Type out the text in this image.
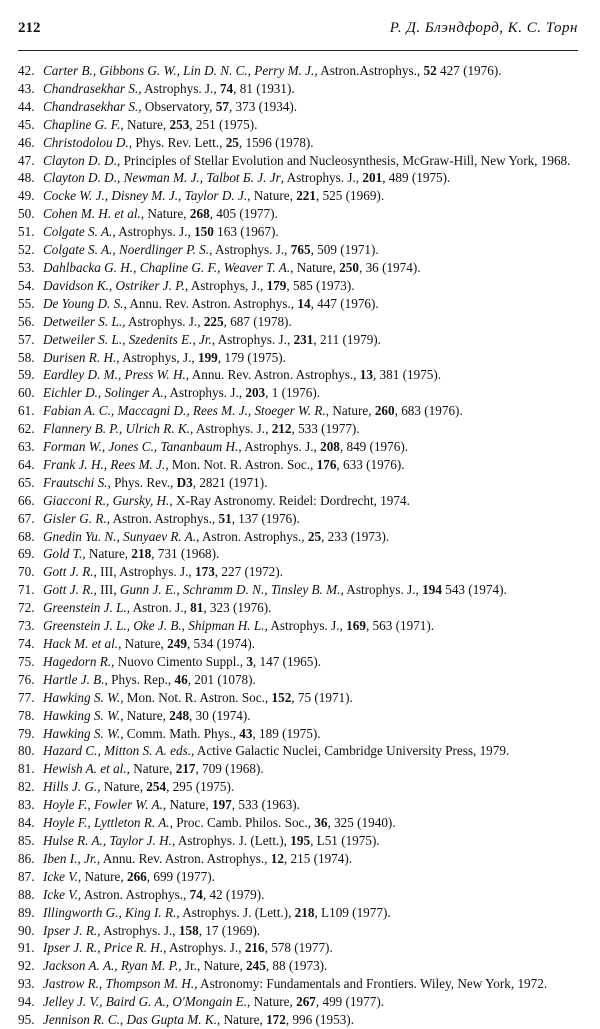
212	Р. Д. Блэндфорд, К. С. Торн
42. Carter B., Gibbons G. W., Lin D. N. C., Perry M. J., Astron.Astrophys., 52 427 (1976).
43. Chandrasekhar S., Astrophys. J., 74, 81 (1931).
44. Chandrasekhar S., Observatory, 57, 373 (1934).
45. Chapline G. F., Nature, 253, 251 (1975).
46. Christodolou D., Phys. Rev. Lett., 25, 1596 (1978).
47. Clayton D. D., Principles of Stellar Evolution and Nucleosynthesis, McGraw-Hill, New York, 1968.
48. Clayton D. D., Newman M. J., Talbot Б. J. Jr, Astrophys. J., 201, 489 (1975).
49. Cocke W. J., Disney M. J., Taylor D. J., Nature, 221, 525 (1969).
50. Cohen M. H. et al., Nature, 268, 405 (1977).
51. Colgate S. A., Astrophys. J., 150 163 (1967).
52. Colgate S. A., Noerdlinger P. S., Astrophys. J., 765, 509 (1971).
53. Dahlbacka G. H., Chapline G. F., Weaver T. A., Nature, 250, 36 (1974).
54. Davidson K., Ostriker J. P., Astrophys, J., 179, 585 (1973).
55. De Young D. S., Annu. Rev. Astron. Astrophys., 14, 447 (1976).
56. Detweiler S. L., Astrophys. J., 225, 687 (1978).
57. Detweiler S. L., Szedenits E., Jr., Astrophys. J., 231, 211 (1979).
58. Durisen R. H., Astrophys, J., 199, 179 (1975).
59. Eardley D. M., Press W. H., Annu. Rev. Astron. Astrophys., 13, 381 (1975).
60. Eichler D., Solinger A., Astrophys. J., 203, 1 (1976).
61. Fabian A. C., Maccagni D., Rees M. J., Stoeger W. R., Nature, 260, 683 (1976).
62. Flannery B. P., Ulrich R. K., Astrophys. J., 212, 533 (1977).
63. Forman W., Jones C., Tananbaum H., Astrophys. J., 208, 849 (1976).
64. Frank J. H., Rees M. J., Mon. Not. R. Astron. Soc., 176, 633 (1976).
65. Frautschi S., Phys. Rev., D3, 2821 (1971).
66. Giacconi R., Gursky, H., X-Ray Astronomy. Reidel: Dordrecht, 1974.
67. Gisler G. R., Astron. Astrophys., 51, 137 (1976).
68. Gnedin Yu. N., Sunyaev R. A., Astron. Astrophys., 25, 233 (1973).
69. Gold T., Nature, 218, 731 (1968).
70. Gott J. R., III, Astrophys. J., 173, 227 (1972).
71. Gott J. R., III, Gunn J. E., Schramm D. N., Tinsley B. M., Astrophys. J., 194 543 (1974).
72. Greenstein J. L., Astron. J., 81, 323 (1976).
73. Greenstein J. L., Oke J. B., Shipman H. L., Astrophys. J., 169, 563 (1971).
74. Hack M. et al., Nature, 249, 534 (1974).
75. Hagedorn R., Nuovo Cimento Suppl., 3, 147 (1965).
76. Hartle J. B., Phys. Rep., 46, 201 (1078).
77. Hawking S. W., Mon. Not. R. Astron. Soc., 152, 75 (1971).
78. Hawking S. W., Nature, 248, 30 (1974).
79. Hawking S. W., Comm. Math. Phys., 43, 189 (1975).
80. Hazard C., Mitton S. A. eds., Active Galactic Nuclei, Cambridge University Press, 1979.
81. Hewish A. et al., Nature, 217, 709 (1968).
82. Hills J. G., Nature, 254, 295 (1975).
83. Hoyle F., Fowler W. A., Nature, 197, 533 (1963).
84. Hoyle F., Lyttleton R. A., Proc. Camb. Philos. Soc., 36, 325 (1940).
85. Hulse R. A., Taylor J. H., Astrophys. J. (Lett.), 195, L51 (1975).
86. Iben I., Jr., Annu. Rev. Astron. Astrophys., 12, 215 (1974).
87. Icke V., Nature, 266, 699 (1977).
88. Icke V., Astron. Astrophys., 74, 42 (1979).
89. Illingworth G., King I. R., Astrophys. J. (Lett.), 218, L109 (1977).
90. Ipser J. R., Astrophys. J., 158, 17 (1969).
91. Ipser J. R., Price R. H., Astrophys. J., 216, 578 (1977).
92. Jackson A. A., Ryan M. P., Jr., Nature, 245, 88 (1973).
93. Jastrow R., Thompson M. H., Astronomy: Fundamentals and Frontiers. Wiley, New York, 1972.
94. Jelley J. V., Baird G. A., O'Mongain E., Nature, 267, 499 (1977).
95. Jennison R. C., Das Gupta M. K., Nature, 172, 996 (1953).
